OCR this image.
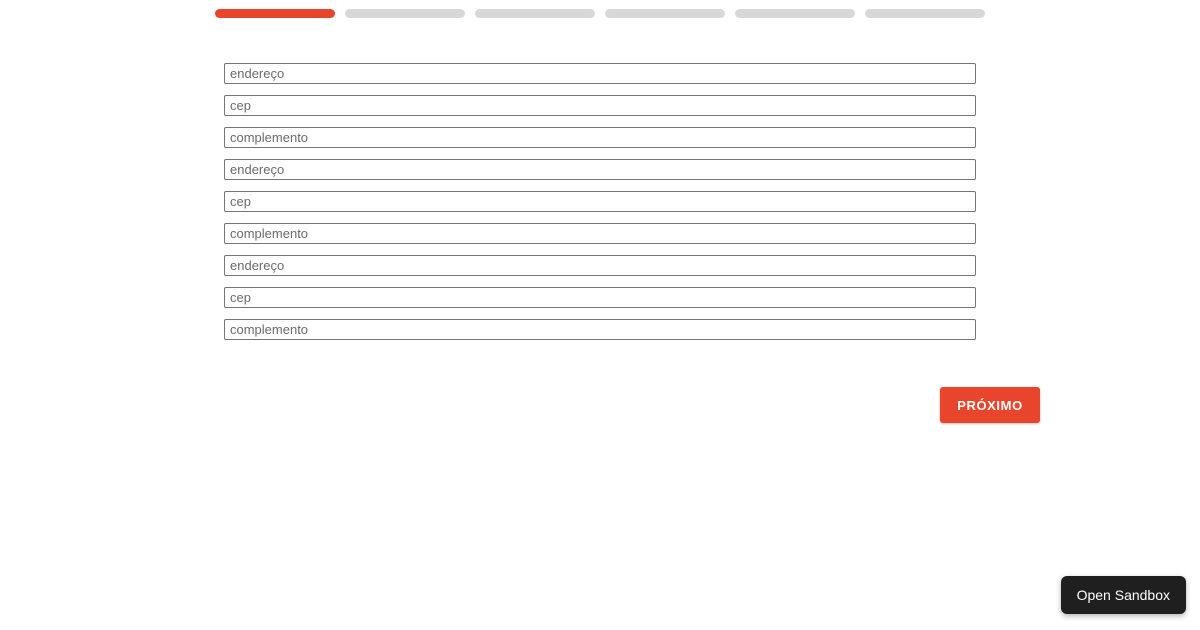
endereço
cep
complemento
endereço
cep
complemento
endereço
cep
complemento
PRÓXIMO
Open Sandbox
